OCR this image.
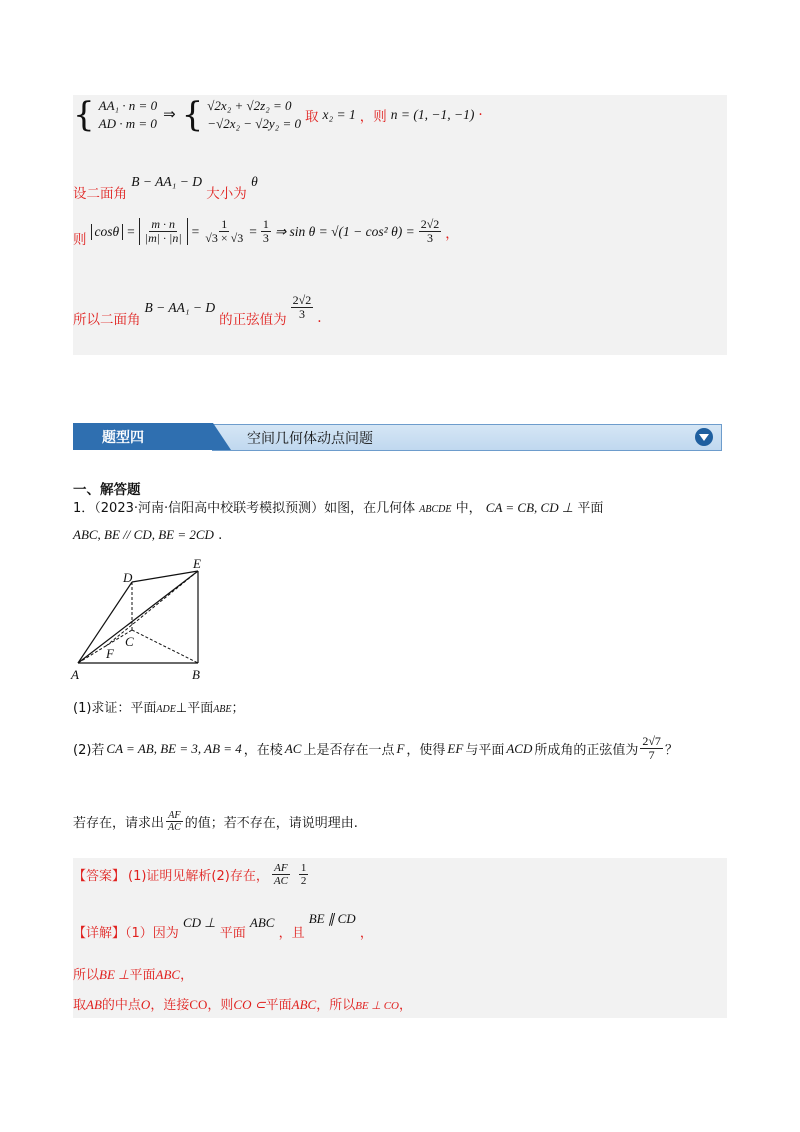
{ AA₁ · n = 0
AD · m = 0 ⇒ { √2x₂ + √2z₂ = 0
−√2x₂ − √2y₂ = 0 取 x₂ = 1 ，则 n = (1, −1, −1) ·
设二面角 B − AA₁ − D 大小为 θ
则
$\cos\theta = \frac{m \cdot n}{|m| \cdot |n|} = \frac{1}{√3 \times √3} = \frac{1}{3}$ ⇒ sin θ = √(1 − cos² $\theta) = \frac{2√2}{3}$ ，
所以二面角
B − AA₁ − D
的正弦值为 $\frac{2√2}{3}$ .
空间几何体动点问题
题型四
一、解答题
1．（2023·河南·信阳高中校联考模拟预测）如图，在几何体 ABCDE 中， CA = CB, CD ⊥ 平面
ABC, BE // CD, BE = 2CD .
A	B
C
D
E
F
(1)求证：平面ADE⊥平面ABE；
(2)若 CA = AB, BE = 3, AB = 4 ，在棱 AC 上是否存在一点 F ，使得 EF 与平面 ACD 所成角的正弦值为 $\frac{2√7}{7}$ ？
若存在，请求出 $\frac{AF}{AC}$ 的值；若不存在，请说明理由.
【答案】 (1)证明见解析(2)存在， $\frac{AF}{AC} \frac{1}{2}$
【详解】（1）因为 CD ⊥ 平面 ABC ，且 BE ∥ CD ，
所以BE ⊥平面ABC，
取AB的中点O，连接CO，则CO ⊂平面ABC，所以BE ⊥ CO，
